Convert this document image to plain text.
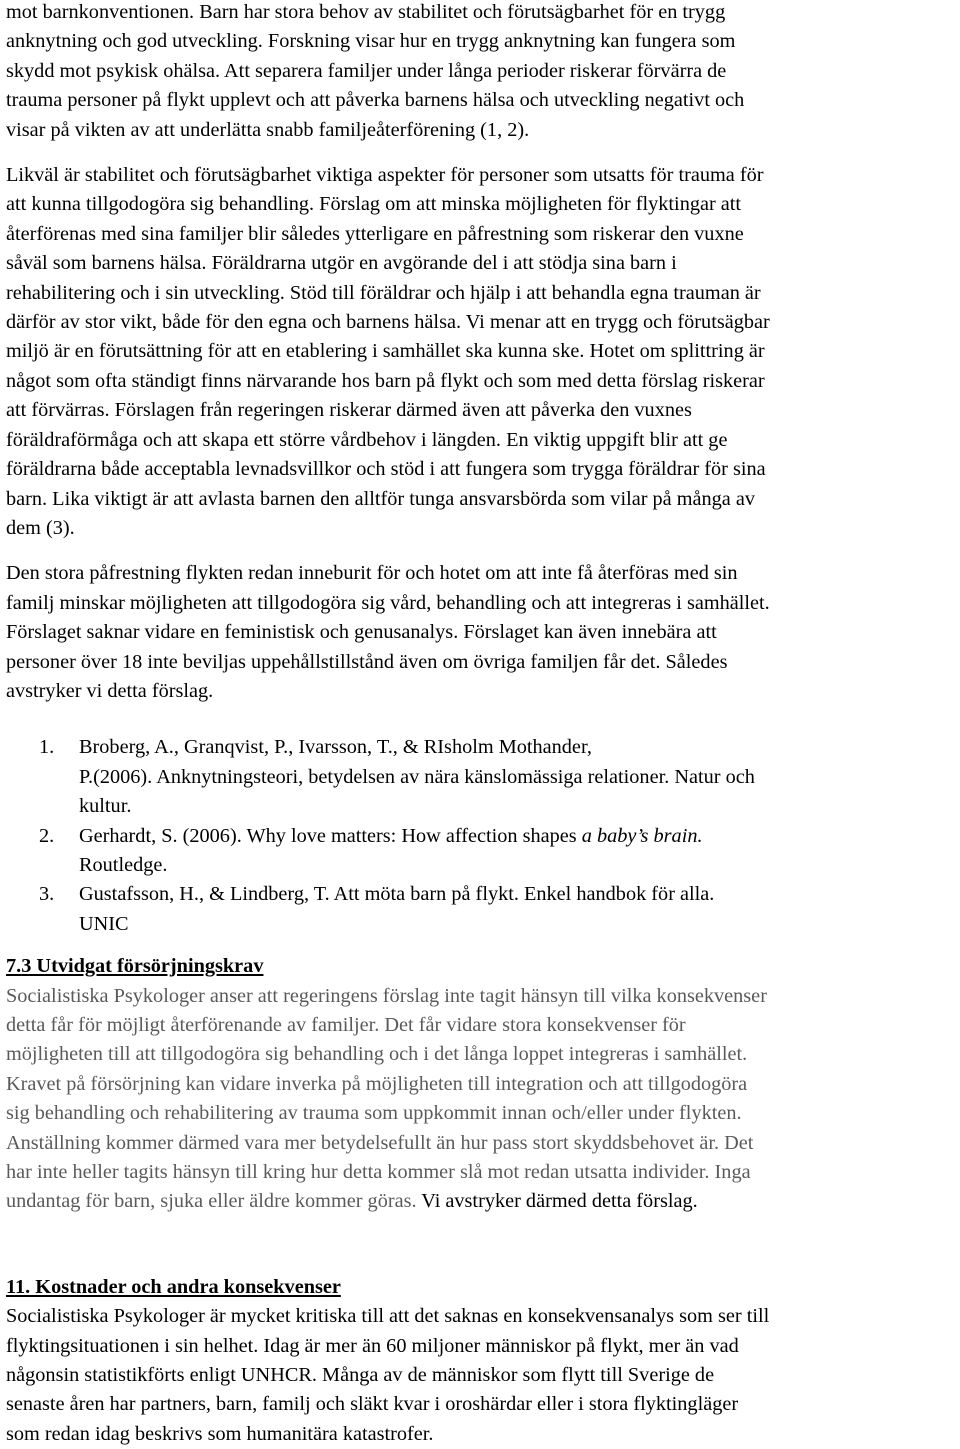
mot barnkonventionen. Barn har stora behov av stabilitet och förutsägbarhet för en trygg
anknytning och god utveckling. Forskning visar hur en trygg anknytning kan fungera som
skydd mot psykisk ohälsa. Att separera familjer under långa perioder riskerar förvärra de
trauma personer på flykt upplevt och att påverka barnens hälsa och utveckling negativt och
visar på vikten av att underlätta snabb familjeåterförening (1, 2).

Likväl är stabilitet och förutsägbarhet viktiga aspekter för personer som utsatts för trauma för
att kunna tillgodogöra sig behandling. Förslag om att minska möjligheten för flyktingar att
återförenas med sina familjer blir således ytterligare en påfrestning som riskerar den vuxne
såväl som barnens hälsa. Föräldrarna utgör en avgörande del i att stödja sina barn i
rehabilitering och i sin utveckling. Stöd till föräldrar och hjälp i att behandla egna trauman är
därför av stor vikt, både för den egna och barnens hälsa. Vi menar att en trygg och förutsägbar
miljö är en förutsättning för att en etablering i samhället ska kunna ske. Hotet om splittring är
något som ofta ständigt finns närvarande hos barn på flykt och som med detta förslag riskerar
att förvärras. Förslagen från regeringen riskerar därmed även att påverka den vuxnes
föräldraförmåga och att skapa ett större vårdbehov i längden. En viktig uppgift blir att ge
föräldrarna både acceptabla levnadsvillkor och stöd i att fungera som trygga föräldrar för sina
barn. Lika viktigt är att avlasta barnen den alltför tunga ansvarsbörda som vilar på många av
dem (3).

Den stora påfrestning flykten redan inneburit för och hotet om att inte få återföras med sin
familj minskar möjligheten att tillgodogöra sig vård, behandling och att integreras i samhället.
Förslaget saknar vidare en feministisk och genusanalys. Förslaget kan även innebära att
personer över 18 inte beviljas uppehållstillstånd även om övriga familjen får det. Således
avstryker vi detta förslag.

1. Broberg, A., Granqvist, P., Ivarsson, T., & RIsholm Mothander,
P.(2006). Anknytningsteori, betydelsen av nära känslomässiga relationer. Natur och
kultur.
2. Gerhardt, S. (2006). Why love matters: How affection shapes a baby’s brain.
Routledge.
3. Gustafsson, H., & Lindberg, T. Att möta barn på flykt. Enkel handbok för alla.
UNIC
7.3 Utvidgat försörjningskrav

Socialistiska Psykologer anser att regeringens förslag inte tagit hänsyn till vilka konsekvenser
detta får för möjligt återförenande av familjer. Det får vidare stora konsekvenser för
möjligheten till att tillgodogöra sig behandling och i det långa loppet integreras i samhället.
Kravet på försörjning kan vidare inverka på möjligheten till integration och att tillgodogöra
sig behandling och rehabilitering av trauma som uppkommit innan och/eller under flykten.
Anställning kommer därmed vara mer betydelsefullt än hur pass stort skyddsbehovet är. Det
har inte heller tagits hänsyn till kring hur detta kommer slå mot redan utsatta individer. Inga
undantag för barn, sjuka eller äldre kommer göras. Vi avstryker därmed detta förslag.

11. Kostnader och andra konsekvenser

Socialistiska Psykologer är mycket kritiska till att det saknas en konsekvensanalys som ser till
flyktingsituationen i sin helhet. Idag är mer än 60 miljoner människor på flykt, mer än vad
någonsin statistikförts enligt UNHCR. Många av de människor som flytt till Sverige de
senaste åren har partners, barn, familj och släkt kvar i oroshärdar eller i stora flyktingläger
som redan idag beskrivs som humanitära katastrofer.
